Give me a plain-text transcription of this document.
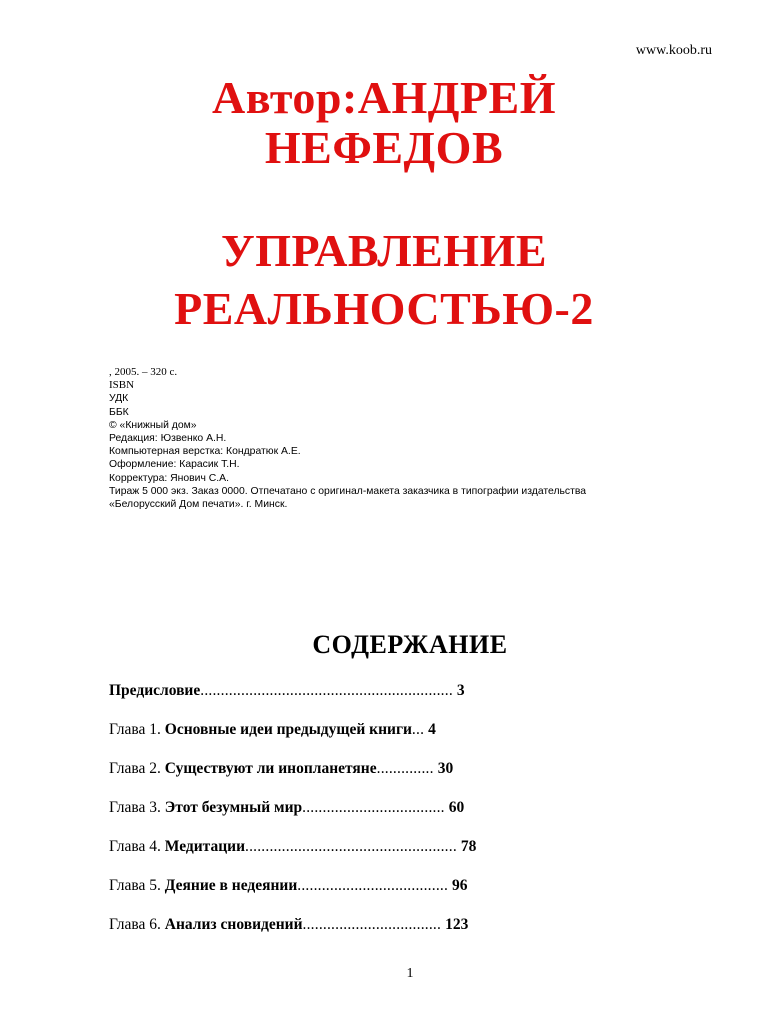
www.koob.ru
Автор:АНДРЕЙ
НЕФЕДОВ
УПРАВЛЕНИЕ
РЕАЛЬНОСТЬЮ-2
, 2005. – 320 с.
ISBN
УДК
ББК
© «Книжный дом»
Редакция: Юзвенко А.Н.
Компьютерная верстка: Кондратюк А.Е.
Оформление: Карасик Т.Н.
Корректура: Янович С.А.
Тираж 5 000 экз. Заказ 0000. Отпечатано с оригинал-макета заказчика в типографии издательства
«Белорусский Дом печати». г. Минск.
СОДЕРЖАНИЕ
Предисловие.............................................................. 3
Глава 1. Основные идеи предыдущей книги... 4
Глава 2. Существуют ли инопланетяне.............. 30
Глава 3. Этот безумный мир................................... 60
Глава 4. Медитации.................................................... 78
Глава 5. Деяние в недеянии..................................... 96
Глава 6. Анализ сновидений.................................. 123
1
